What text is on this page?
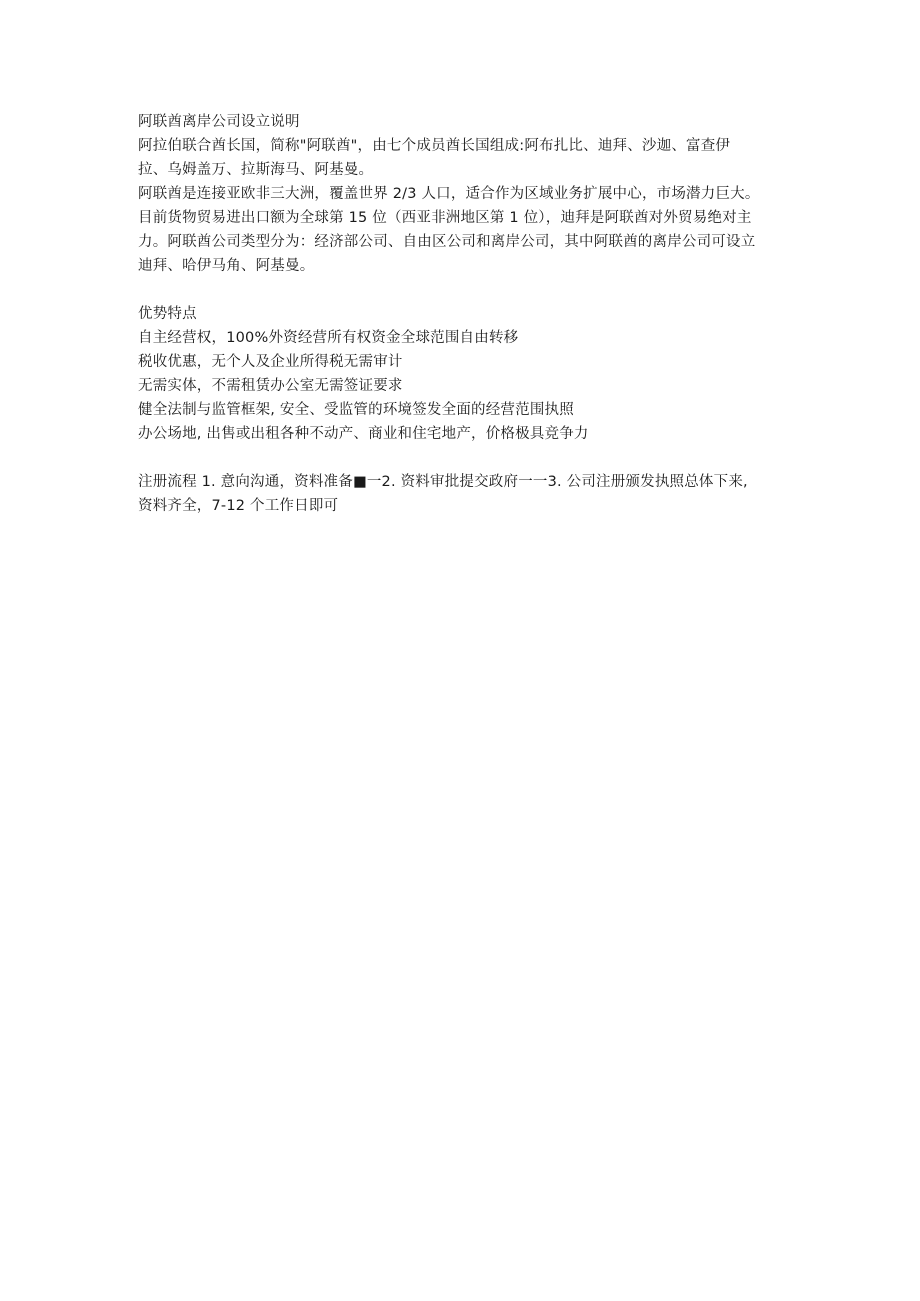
阿联酋离岸公司设立说明
阿拉伯联合酋长国，简称"阿联酋"，由七个成员酋长国组成:阿布扎比、迪拜、沙迦、富查伊
拉、乌姆盖万、拉斯海马、阿基曼。
阿联酋是连接亚欧非三大洲，覆盖世界 2/3 人口，适合作为区域业务扩展中心，市场潜力巨大。
目前货物贸易进出口额为全球第 15 位（西亚非洲地区第 1 位），迪拜是阿联酋对外贸易绝对主
力。阿联酋公司类型分为：经济部公司、自由区公司和离岸公司，其中阿联酋的离岸公司可设立
迪拜、哈伊马角、阿基曼。
优势特点
自主经营权，100%外资经营所有权资金全球范围自由转移
税收优惠，无个人及企业所得税无需审计
无需实体，不需租赁办公室无需签证要求
健全法制与监管框架, 安全、受监管的环境签发全面的经营范围执照
办公场地, 出售或出租各种不动产、商业和住宅地产，价格极具竞争力
注册流程 1. 意向沟通，资料准备■一2. 资料审批提交政府一一3. 公司注册颁发执照总体下来,
资料齐全，7-12 个工作日即可
